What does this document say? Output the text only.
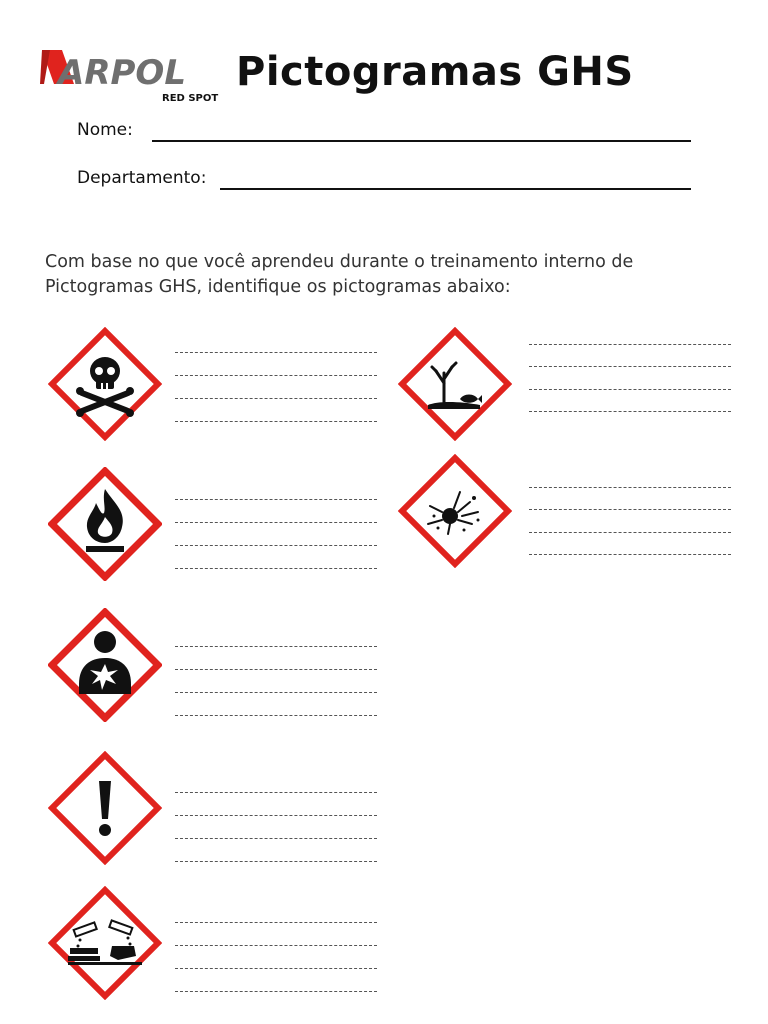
ARPOL
RED SPOT
Pictogramas GHS
Nome:
Departamento:

Com base no que você aprendeu durante o treinamento interno de Pictogramas GHS, identifique os pictogramas abaixo:
